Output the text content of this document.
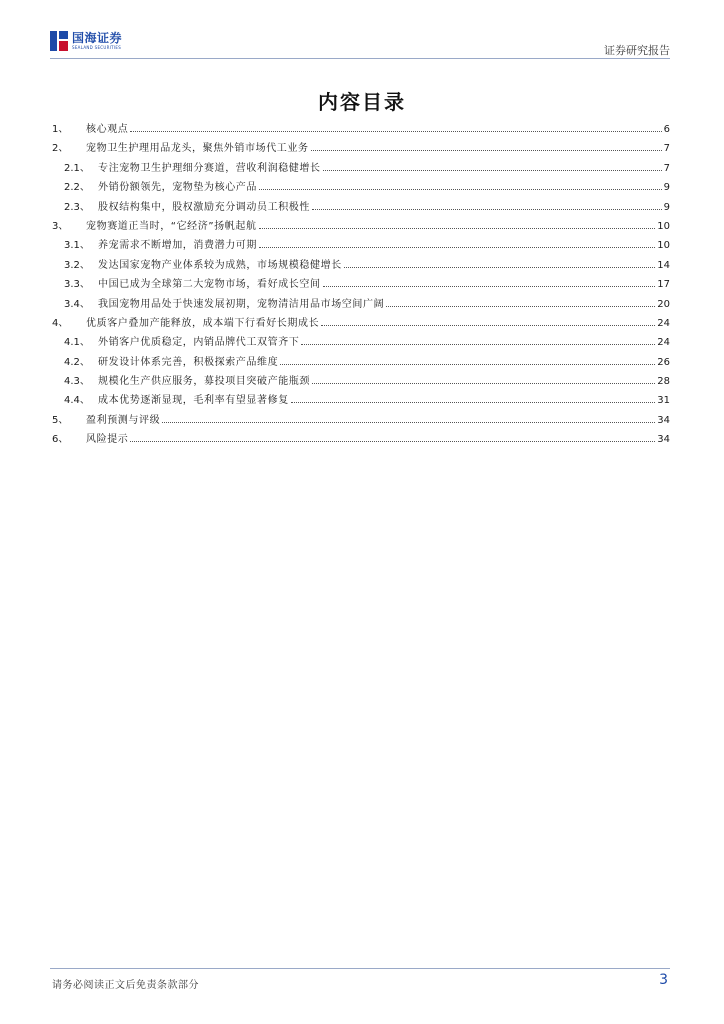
国海证券
SEALAND SECURITIES	证券研究报告
内容目录
1、	核心观点	6
2、	宠物卫生护理用品龙头，聚焦外销市场代工业务	7
2.1、 专注宠物卫生护理细分赛道，营收利润稳健增长	7
2.2、 外销份额领先，宠物垫为核心产品	9
2.3、 股权结构集中，股权激励充分调动员工积极性	9
3、	宠物赛道正当时，“它经济”扬帆起航	10
3.1、 养宠需求不断增加，消费潜力可期	10
3.2、 发达国家宠物产业体系较为成熟，市场规模稳健增长	14
3.3、 中国已成为全球第二大宠物市场，看好成长空间	17
3.4、 我国宠物用品处于快速发展初期，宠物清洁用品市场空间广阔	20
4、	优质客户叠加产能释放，成本端下行看好长期成长	24
4.1、 外销客户优质稳定，内销品牌代工双管齐下	24
4.2、 研发设计体系完善，积极探索产品维度	26
4.3、 规模化生产供应服务，募投项目突破产能瓶颈	28
4.4、 成本优势逐渐显现，毛利率有望显著修复	31
5、	盈利预测与评级	34
6、	风险提示	34
请务必阅读正文后免责条款部分	3
